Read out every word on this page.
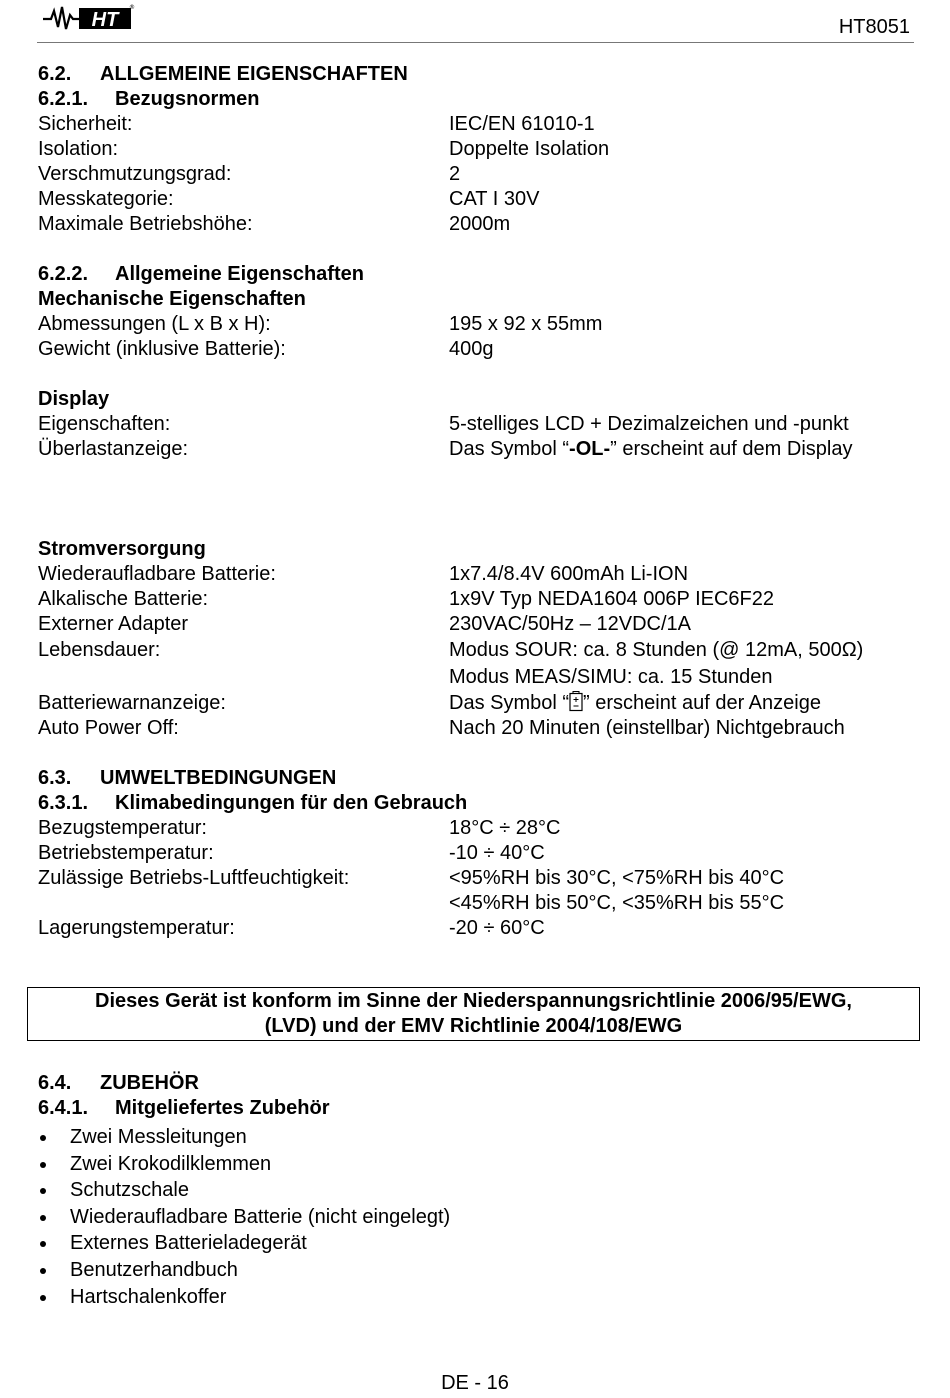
HT
®
HT8051
6.2. ALLGEMEINE EIGENSCHAFTEN
6.2.1. Bezugsnormen
Sicherheit:	IEC/EN 61010-1
Isolation:	Doppelte Isolation
Verschmutzungsgrad:	2
Messkategorie:	CAT I 30V
Maximale Betriebshöhe:	2000m
6.2.2. Allgemeine Eigenschaften
Mechanische Eigenschaften
Abmessungen (L x B x H):	195 x 92 x 55mm
Gewicht (inklusive Batterie):	400g
Display
Eigenschaften:	5-stelliges LCD + Dezimalzeichen und -punkt
Überlastanzeige:	Das Symbol “-OL-” erscheint auf dem Display
Stromversorgung
Wiederaufladbare Batterie:	1x7.4/8.4V 600mAh Li-ION
Alkalische Batterie:	1x9V Typ NEDA1604 006P IEC6F22
Externer Adapter	230VAC/50Hz – 12VDC/1A
Lebensdauer:	Modus SOUR: ca. 8 Stunden (@ 12mA, 500Ω)
Modus MEAS/SIMU: ca. 15 Stunden
Batteriewarnanzeige:	Das Symbol “ ” erscheint auf der Anzeige
Auto Power Off:	Nach 20 Minuten (einstellbar) Nichtgebrauch
6.3. UMWELTBEDINGUNGEN
6.3.1. Klimabedingungen für den Gebrauch
Bezugstemperatur:	18°C ÷ 28°C
Betriebstemperatur:	-10 ÷ 40°C
Zulässige Betriebs-Luftfeuchtigkeit:	<95%RH bis 30°C, <75%RH bis 40°C
<45%RH bis 50°C, <35%RH bis 55°C
Lagerungstemperatur:	-20 ÷ 60°C
Dieses Gerät ist konform im Sinne der Niederspannungsrichtlinie 2006/95/EWG,
(LVD) und der EMV Richtlinie 2004/108/EWG
6.4. ZUBEHÖR
6.4.1. Mitgeliefertes Zubehör
Zwei Messleitungen
Zwei Krokodilklemmen
Schutzschale
Wiederaufladbare Batterie (nicht eingelegt)
Externes Batterieladegerät
Benutzerhandbuch
Hartschalenkoffer
DE - 16
